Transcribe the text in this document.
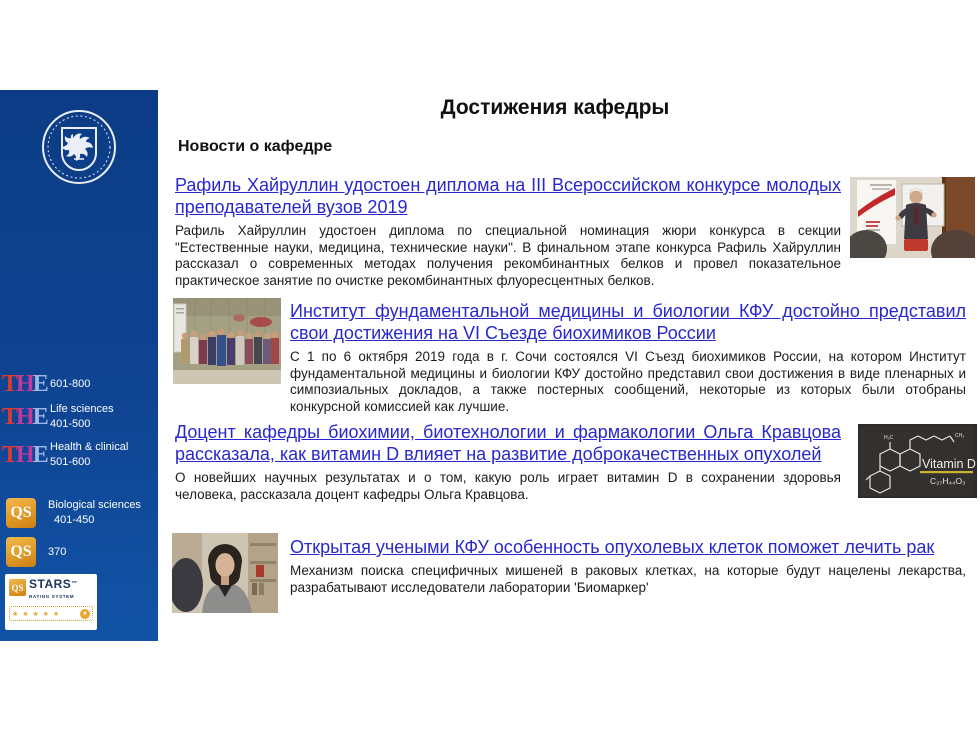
T H E 601-800
T H E Life sciences
401-500
T H E Health & clinical
501-600
QS	Biological sciences 401-450
QS	370
QS STARS™
RATING SYSTEM
★ ★ ★ ★ ★	★
Достижения кафедры
Новости о кафедре
Рафиль Хайруллин удостоен диплома на III Всероссийском конкурсе молодых преподавателей вузов 2019

Рафиль Хайруллин удостоен диплома по специальной номинация жюри конкурса в секции "Естественные науки, медицина, технические науки". В финальном этапе конкурса Рафиль Хайруллин рассказал о современных методах получения рекомбинантных белков и провел показательное практическое занятие по очистке рекомбинантных флуоресцентных белков.

Институт фундаментальной медицины и биологии КФУ достойно представил свои достижения на VI Съезде биохимиков России

С 1 по 6 октября 2019 года в г. Сочи состоялся VI Съезд биохимиков России, на котором Институт фундаментальной медицины и биологии КФУ достойно представил свои достижения в виде пленарных и симпозиальных докладов, а также постерных сообщений, некоторые из которых были отобраны конкурсной комиссией как лучшие.

Доцент кафедры биохимии, биотехнологии и фармакологии Ольга Кравцова рассказала, как витамин D влияет на развитие доброкачественных опухолей

О новейших научных результатах и о том, какую роль играет витамин D в сохранении здоровья человека, рассказала доцент кафедры Ольга Кравцова.

CH₃
H₃C
Vitamin D
C₂₇H₄₄O₃
Открытая учеными КФУ особенность опухолевых клеток поможет лечить рак

Механизм поиска специфичных мишеней в раковых клетках, на которые будут нацелены лекарства, разрабатывают исследователи лаборатории 'Биомаркер'
